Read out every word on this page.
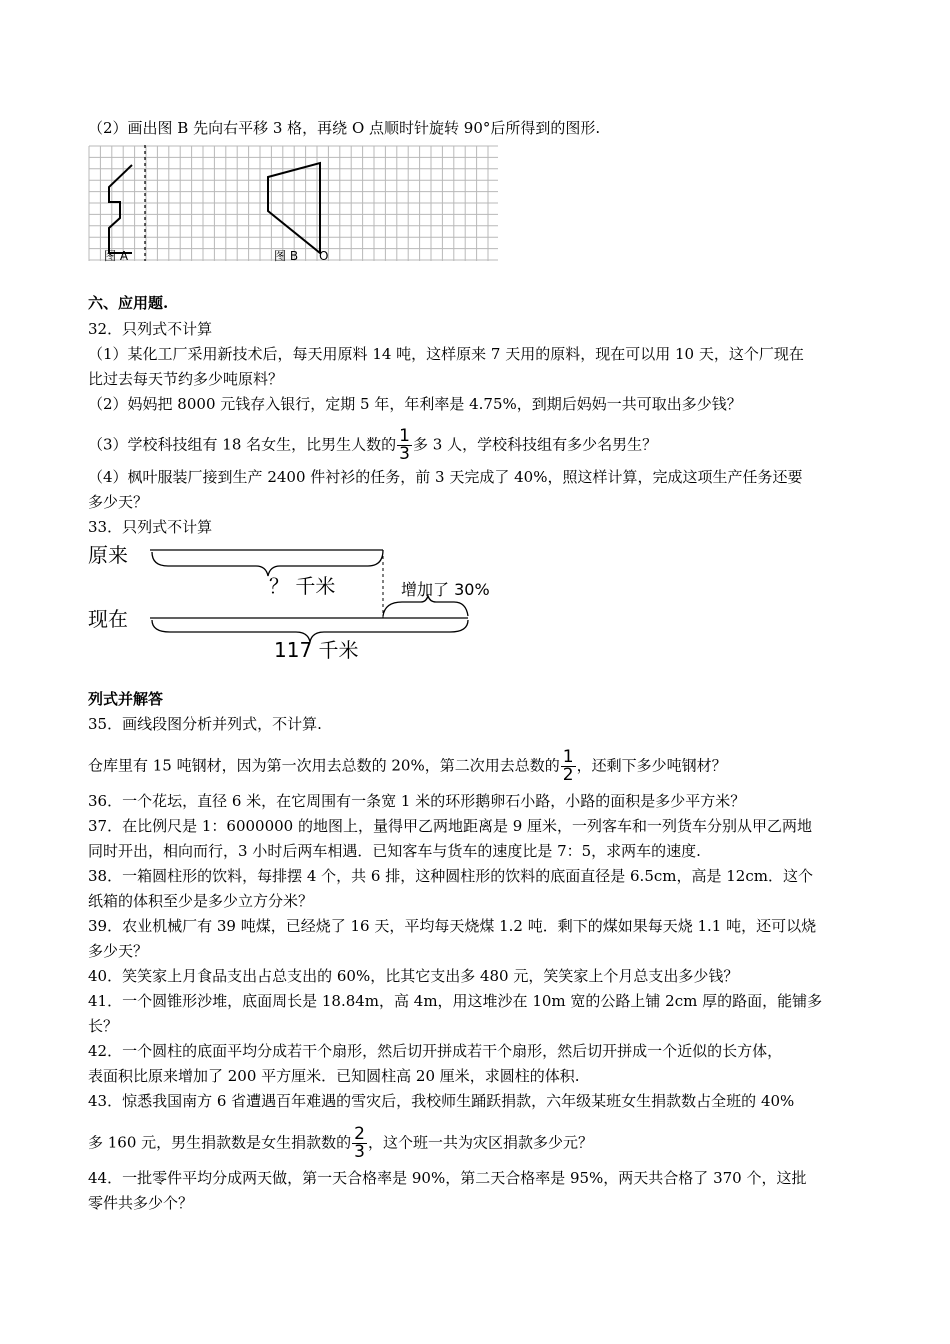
（2）画出图 B 先向右平移 3 格，再绕 O 点顺时针旋转 90°后所得到的图形.
图 A	图 B O
六、应用题.
32．只列式不计算
（1）某化工厂采用新技术后，每天用原料 14 吨，这样原来 7 天用的原料，现在可以用 10 天，这个厂现在
比过去每天节约多少吨原料？
（2）妈妈把 8000 元钱存入银行，定期 5 年，年利率是 4.75%，到期后妈妈一共可取出多少钱？
（3）学校科技组有 18 名女生，比男生人数的 $\frac{1}{3}$ 多 3 人，学校科技组有多少名男生？
（4）枫叶服装厂接到生产 2400 件衬衫的任务，前 3 天完成了 40%，照这样计算，完成这项生产任务还要
多少天？
33．只列式不计算
原来
现在
？ 千米	增加了 30%
117 千米
列式并解答
35．画线段图分析并列式，不计算.
仓库里有 15 吨钢材，因为第一次用去总数的 20%，第二次用去总数的 $\frac{1}{2}$ ，还剩下多少吨钢材？
36．一个花坛，直径 6 米，在它周围有一条宽 1 米的环形鹅卵石小路，小路的面积是多少平方米？
37．在比例尺是 1：6000000 的地图上，量得甲乙两地距离是 9 厘米，一列客车和一列货车分别从甲乙两地
同时开出，相向而行，3 小时后两车相遇．已知客车与货车的速度比是 7：5，求两车的速度.
38．一箱圆柱形的饮料，每排摆 4 个，共 6 排，这种圆柱形的饮料的底面直径是 6.5cm，高是 12cm．这个
纸箱的体积至少是多少立方分米？
39．农业机械厂有 39 吨煤，已经烧了 16 天，平均每天烧煤 1.2 吨．剩下的煤如果每天烧 1.1 吨，还可以烧
多少天？
40．笑笑家上月食品支出占总支出的 60%，比其它支出多 480 元，笑笑家上个月总支出多少钱？
41．一个圆锥形沙堆，底面周长是 18.84m，高 4m，用这堆沙在 10m 宽的公路上铺 2cm 厚的路面，能铺多
长？
42．一个圆柱的底面平均分成若干个扇形，然后切开拼成若干个扇形，然后切开拼成一个近似的长方体，
表面积比原来增加了 200 平方厘米．已知圆柱高 20 厘米，求圆柱的体积.
43．惊悉我国南方 6 省遭遇百年难遇的雪灾后，我校师生踊跃捐款，六年级某班女生捐款数占全班的 40%
多 160 元，男生捐款数是女生捐款数的 $\frac{2}{3}$ ，这个班一共为灾区捐款多少元？
44．一批零件平均分成两天做，第一天合格率是 90%，第二天合格率是 95%，两天共合格了 370 个，这批
零件共多少个？
